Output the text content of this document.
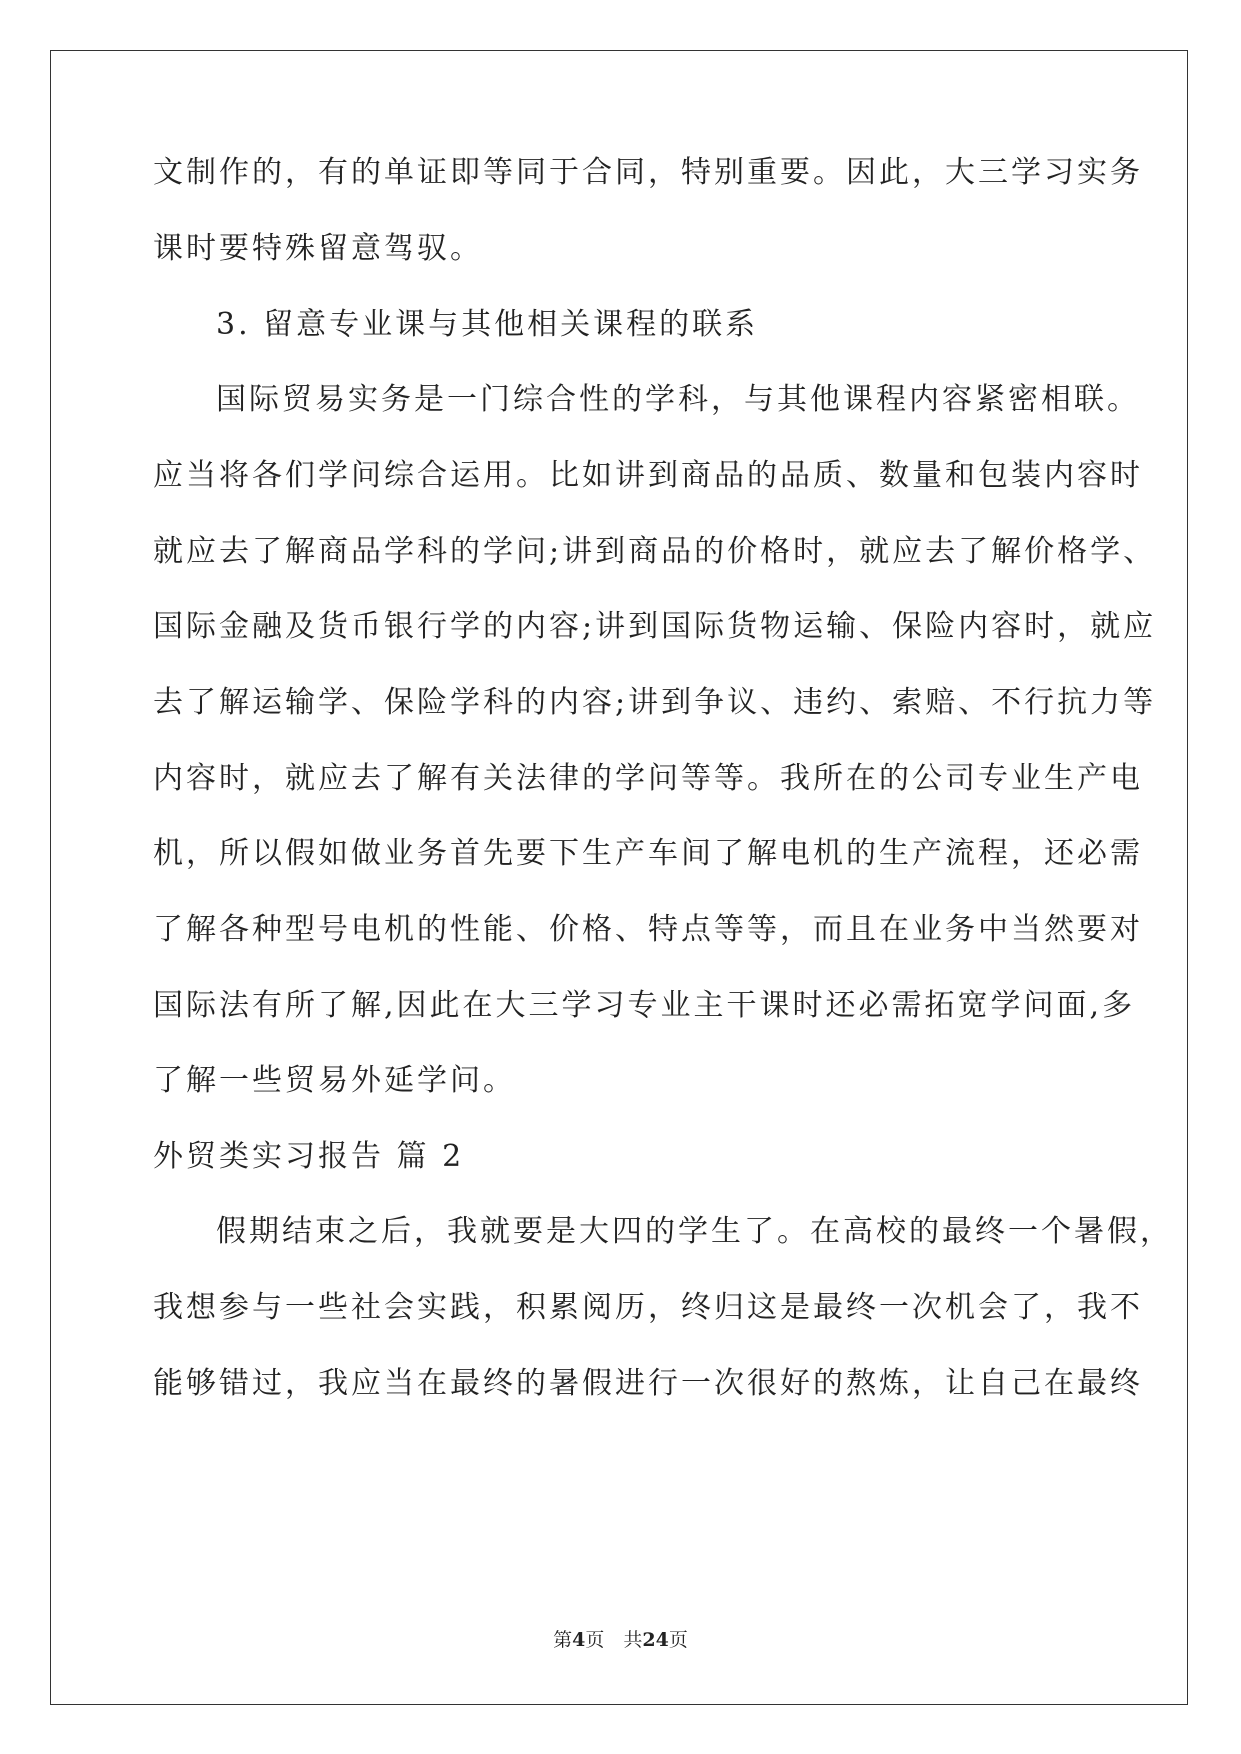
文制作的，有的单证即等同于合同，特别重要。因此，大三学习实务
课时要特殊留意驾驭。
3. 留意专业课与其他相关课程的联系
国际贸易实务是一门综合性的学科，与其他课程内容紧密相联。
应当将各们学问综合运用。比如讲到商品的品质、数量和包装内容时
就应去了解商品学科的学问;讲到商品的价格时，就应去了解价格学、
国际金融及货币银行学的内容;讲到国际货物运输、保险内容时，就应
去了解运输学、保险学科的内容;讲到争议、违约、索赔、不行抗力等
内容时，就应去了解有关法律的学问等等。我所在的公司专业生产电
机，所以假如做业务首先要下生产车间了解电机的生产流程，还必需
了解各种型号电机的性能、价格、特点等等，而且在业务中当然要对
国际法有所了解,因此在大三学习专业主干课时还必需拓宽学问面,多
了解一些贸易外延学问。
外贸类实习报告 篇 2
假期结束之后，我就要是大四的学生了。在高校的最终一个暑假，
我想参与一些社会实践，积累阅历，终归这是最终一次机会了，我不
能够错过，我应当在最终的暑假进行一次很好的熬炼，让自己在最终
第4页　共24页
